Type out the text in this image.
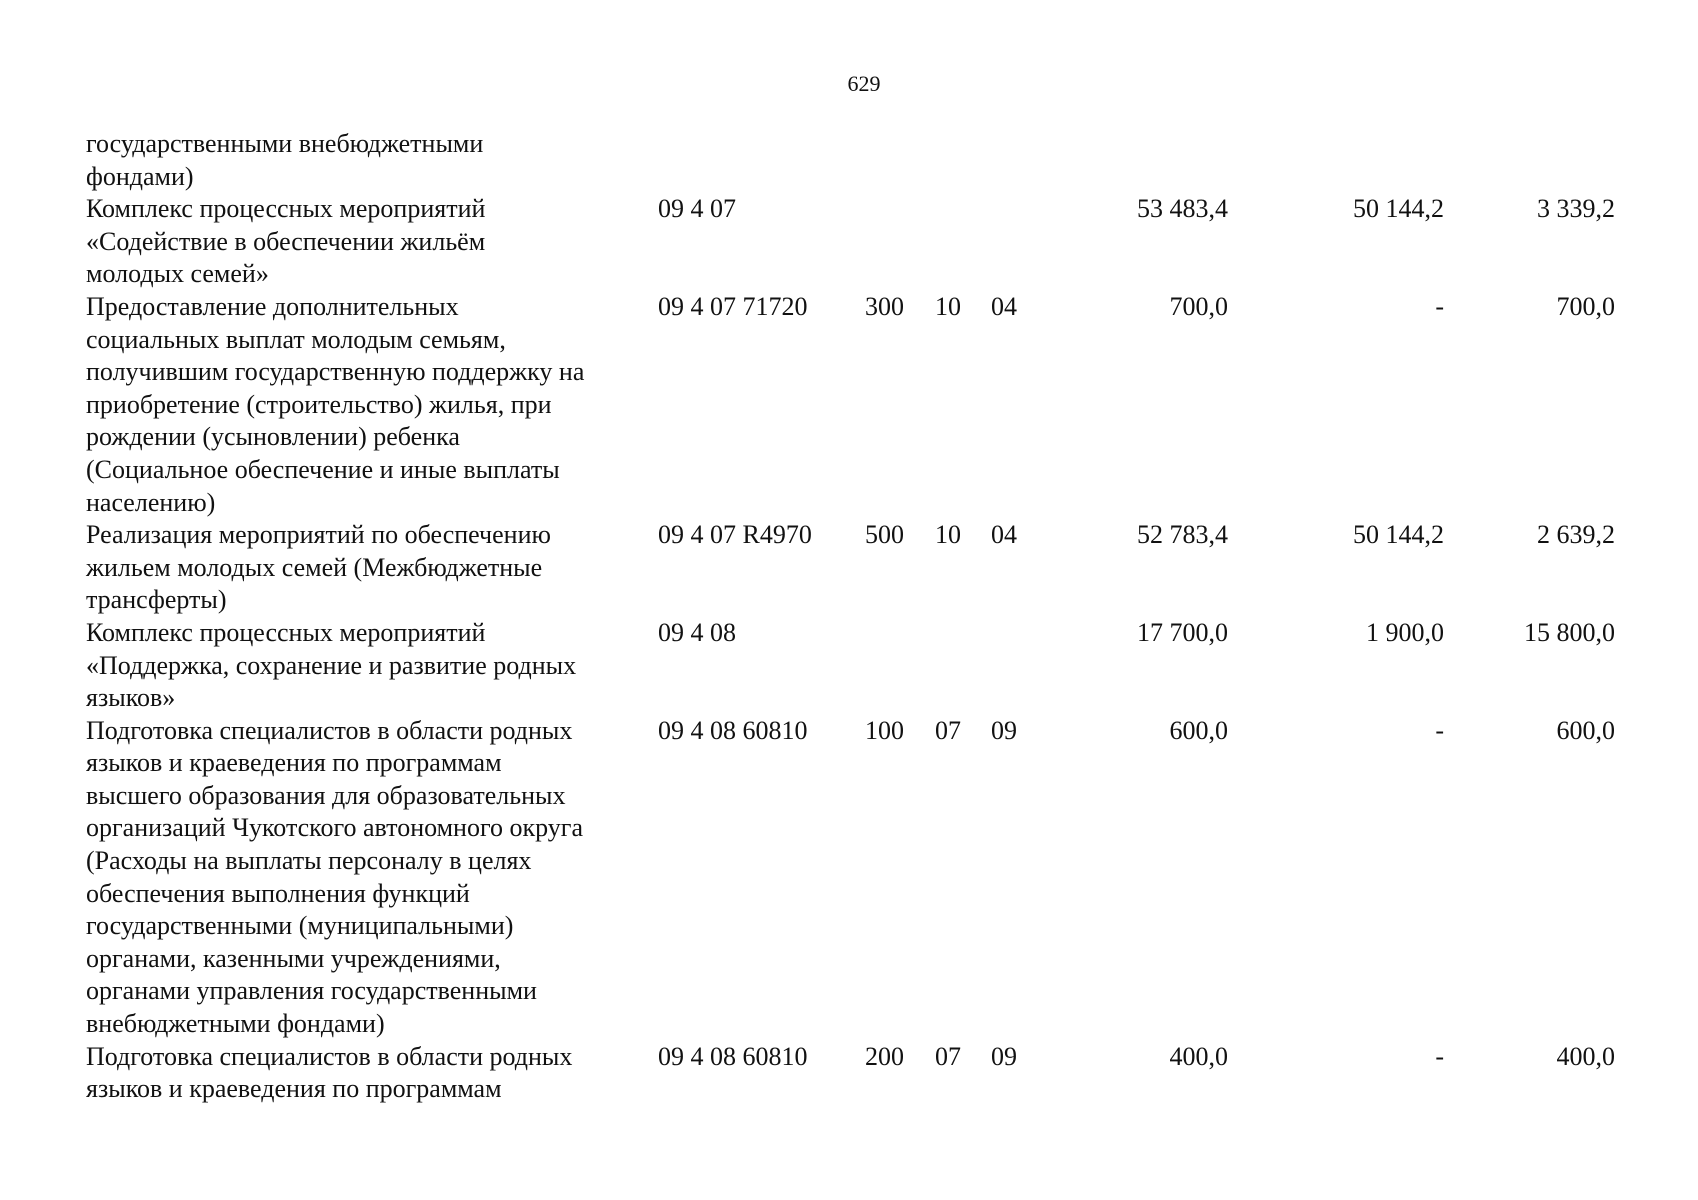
629
государственными внебюджетными
фондами)
Комплекс процессных мероприятий
«Содействие в обеспечении жильём
молодых семей»
09 4 07	53 483,4	50 144,2	3 339,2
Предоставление дополнительных
социальных выплат молодым семьям,
получившим государственную поддержку на
приобретение (строительство) жилья, при
рождении (усыновлении) ребенка
(Социальное обеспечение и иные выплаты
населению)
09 4 07 71720	300	10	04	700,0	-	700,0
Реализация мероприятий по обеспечению
жильем молодых семей (Межбюджетные
трансферты)
09 4 07 R4970	500	10	04	52 783,4	50 144,2	2 639,2
Комплекс процессных мероприятий
«Поддержка, сохранение и развитие родных
языков»
09 4 08	17 700,0	1 900,0	15 800,0
Подготовка специалистов в области родных
языков и краеведения по программам
высшего образования для образовательных
организаций Чукотского автономного округа
(Расходы на выплаты персоналу в целях
обеспечения выполнения функций
государственными (муниципальными)
органами, казенными учреждениями,
органами управления государственными
внебюджетными фондами)
09 4 08 60810	100	07	09	600,0	-	600,0
Подготовка специалистов в области родных
языков и краеведения по программам
09 4 08 60810	200	07	09	400,0	-	400,0
